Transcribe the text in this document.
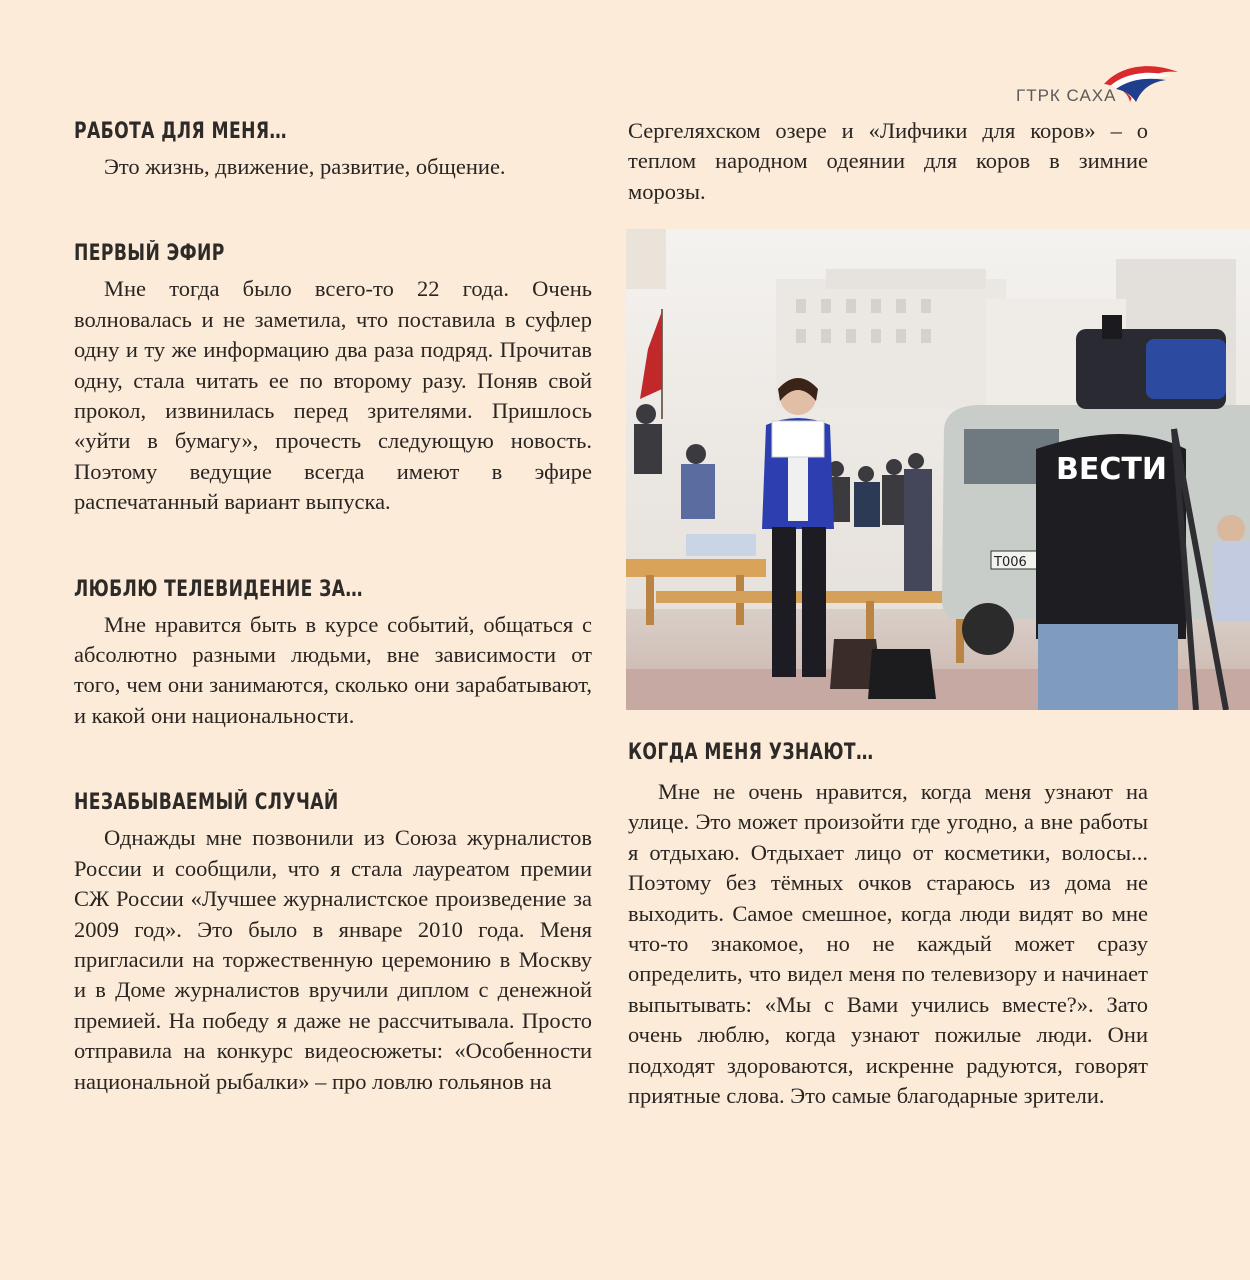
ГТРК САХА
РАБОТА ДЛЯ МЕНЯ…

Это жизнь, движение, развитие, общение.

ПЕРВЫЙ ЭФИР

Мне тогда было всего-то 22 года. Очень волновалась и не заметила, что поставила в суфлер одну и ту же информацию два раза подряд. Прочитав одну, стала читать ее по второму разу. Поняв свой прокол, извинилась перед зрителями. Пришлось «уйти в бумагу», прочесть следующую новость. Поэтому ведущие всегда имеют в эфире распечатанный вариант выпуска.

ЛЮБЛЮ ТЕЛЕВИДЕНИЕ ЗА…

Мне нравится быть в курсе событий, общаться с абсолютно разными людьми, вне зависимости от того, чем они занимаются, сколько они зарабатывают, и какой они национальности.

НЕЗАБЫВАЕМЫЙ СЛУЧАЙ

Однажды мне позвонили из Союза журналистов России и сообщили, что я стала лауреатом премии СЖ России «Лучшее журналистское произведение за 2009 год». Это было в январе 2010 года. Меня пригласили на торжественную церемонию в Москву и в Доме журналистов вручили диплом с денежной премией. На победу я даже не рассчитывала. Просто отправила на конкурс видеосюжеты: «Особенности национальной рыбалки» – про ловлю гольянов на

Сергеляхском озере и «Лифчики для коров» – о теплом народном одеянии для коров в зимние морозы.

Т006
ВЕСТИ
КОГДА МЕНЯ УЗНАЮТ…

Мне не очень нравится, когда меня узнают на улице. Это может произойти где угодно, а вне работы я отдыхаю. Отдыхает лицо от косметики, волосы... Поэтому без тёмных очков стараюсь из дома не выходить. Самое смешное, когда люди видят во мне что-то знакомое, но не каждый может сразу определить, что видел меня по телевизору и начинает выпытывать: «Мы с Вами учились вместе?». Зато очень люблю, когда узнают пожилые люди. Они подходят здороваются, искренне радуются, говорят приятные слова. Это самые благодарные зрители.
